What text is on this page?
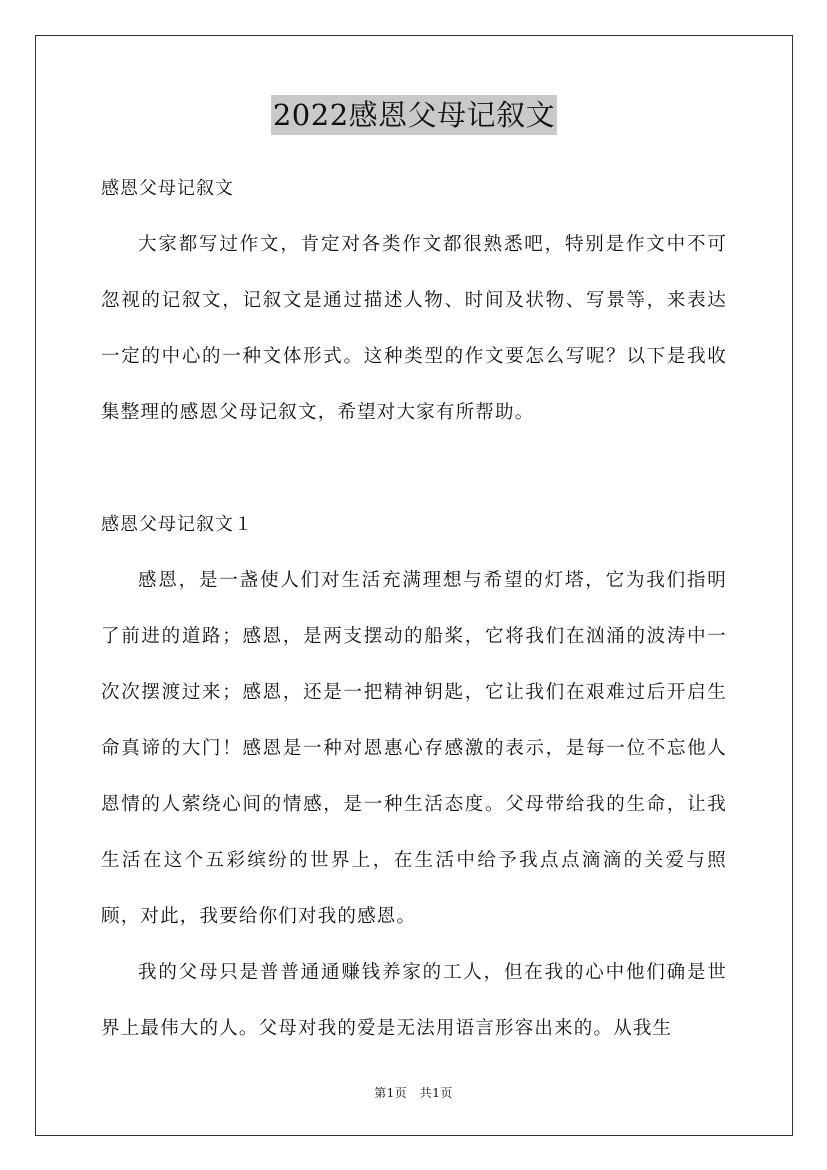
2022感恩父母记叙文

感恩父母记叙文

大家都写过作文，肯定对各类作文都很熟悉吧，特别是作文中不可忽视的记叙文，记叙文是通过描述人物、时间及状物、写景等，来表达一定的中心的一种文体形式。这种类型的作文要怎么写呢？以下是我收集整理的感恩父母记叙文，希望对大家有所帮助。

感恩父母记叙文１

感恩，是一盏使人们对生活充满理想与希望的灯塔，它为我们指明了前进的道路；感恩，是两支摆动的船桨，它将我们在汹涌的波涛中一次次摆渡过来；感恩，还是一把精神钥匙，它让我们在艰难过后开启生命真谛的大门！感恩是一种对恩惠心存感激的表示，是每一位不忘他人恩情的人萦绕心间的情感，是一种生活态度。父母带给我的生命，让我生活在这个五彩缤纷的世界上，在生活中给予我点点滴滴的关爱与照顾，对此，我要给你们对我的感恩。

我的父母只是普普通通赚钱养家的工人，但在我的心中他们确是世界上最伟大的人。父母对我的爱是无法用语言形容出来的。从我生

第1页　共1页
